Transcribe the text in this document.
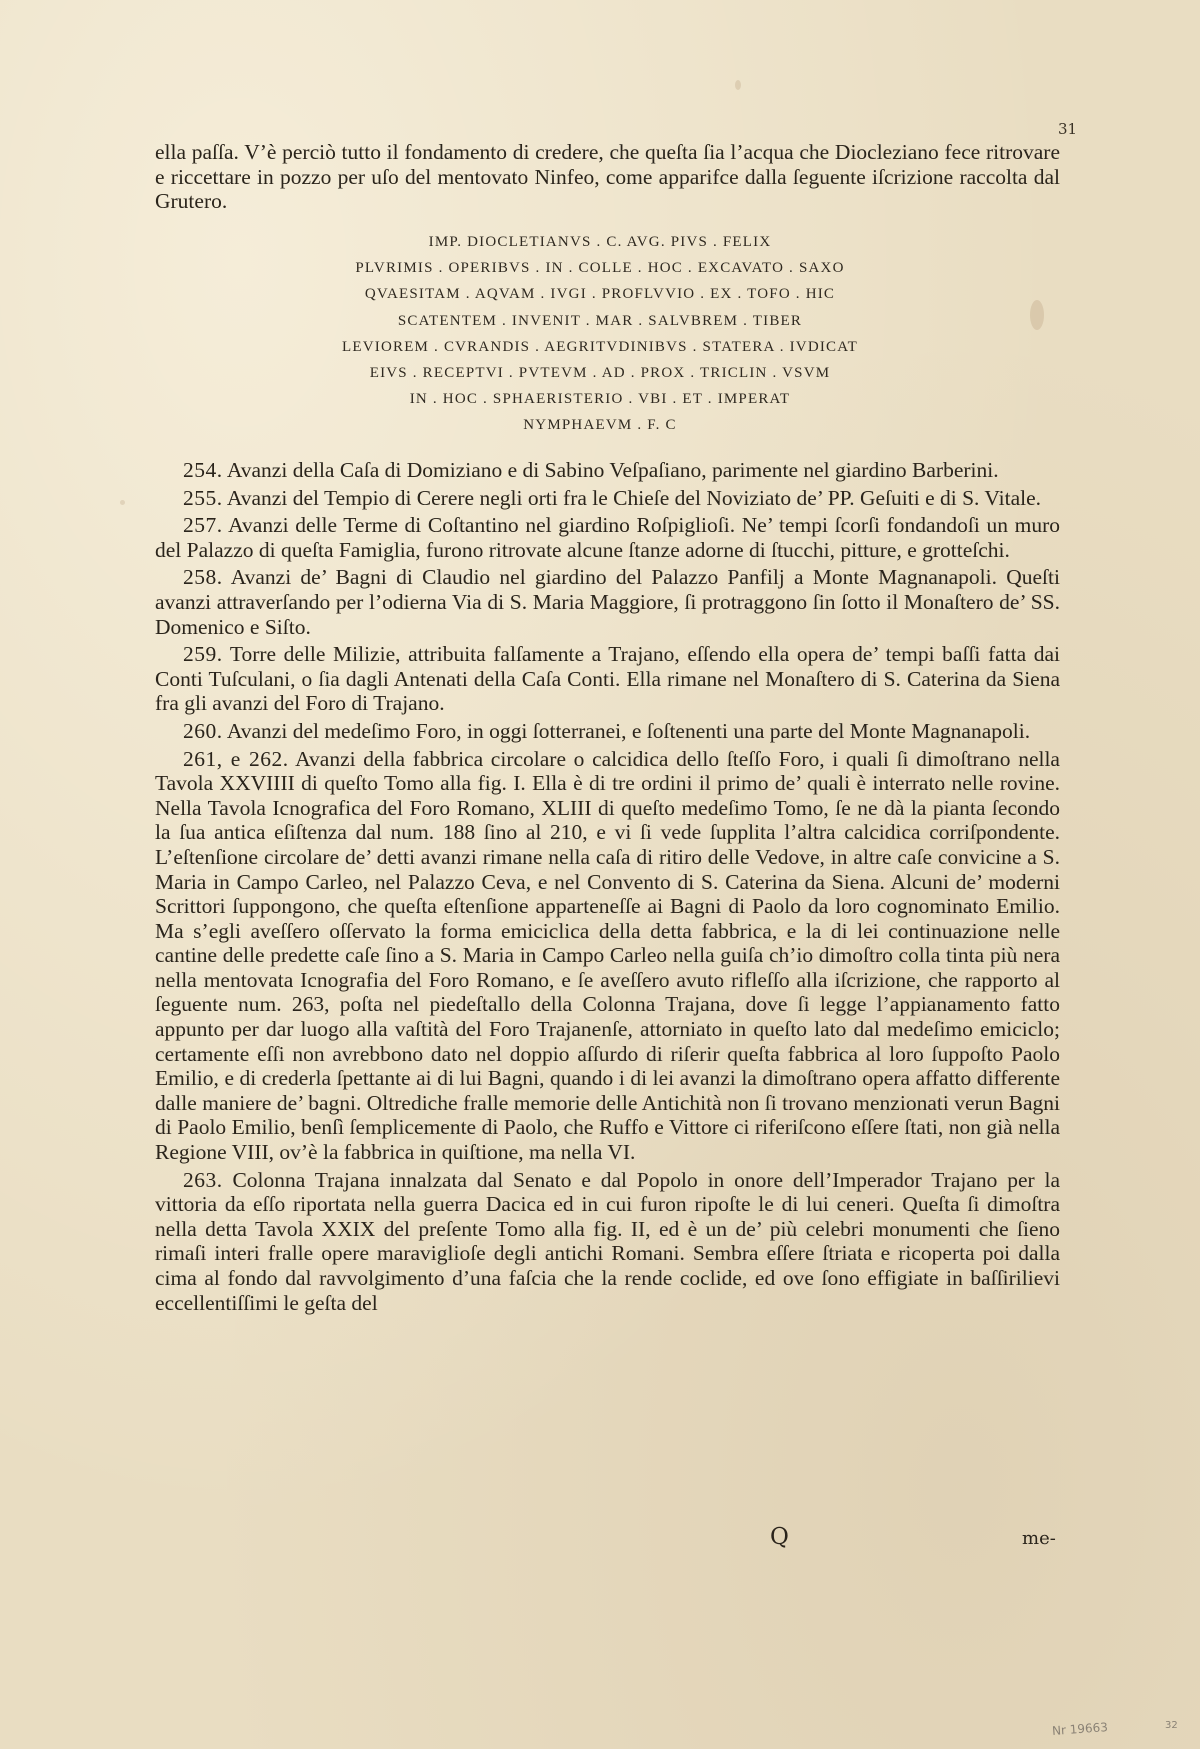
31

ella paſſa. V’è perciò tutto il fondamento di credere, che queſta ſia l’acqua che Diocleziano fece ritrovare e riccettare in pozzo per uſo del mentovato Ninfeo, come apparifce dalla ſeguente iſcrizione raccolta dal Grutero.

IMP. DIOCLETIANVS . C. AVG. PIVS . FELIX
PLVRIMIS . OPERIBVS . IN . COLLE . HOC . EXCAVATO . SAXO
QVAESITAM . AQVAM . IVGI . PROFLVVIO . EX . TOFO . HIC
SCATENTEM . INVENIT . MAR . SALVBREM . TIBER
LEVIOREM . CVRANDIS . AEGRITVDINIBVS . STATERA . IVDICAT
EIVS . RECEPTVI . PVTEVM . AD . PROX . TRICLIN . VSVM
IN . HOC . SPHAERISTERIO . VBI . ET . IMPERAT
NYMPHAEVM . F. C

254. Avanzi della Caſa di Domiziano e di Sabino Veſpaſiano, parimente nel giardino Barberini.

255. Avanzi del Tempio di Cerere negli orti fra le Chieſe del Noviziato de’ PP. Geſuiti e di S. Vitale.

257. Avanzi delle Terme di Coſtantino nel giardino Roſpiglioſi. Ne’ tempi ſcorſi fondandoſi un muro del Palazzo di queſta Famiglia, furono ritrovate alcune ſtanze adorne di ſtucchi, pitture, e grotteſchi.

258. Avanzi de’ Bagni di Claudio nel giardino del Palazzo Panfilj a Monte Magnanapoli. Queſti avanzi attraverſando per l’odierna Via di S. Maria Maggiore, ſi protraggono ſin ſotto il Monaſtero de’ SS. Domenico e Siſto.

259. Torre delle Milizie, attribuita falſamente a Trajano, eſſendo ella opera de’ tempi baſſi fatta dai Conti Tuſculani, o ſia dagli Antenati della Caſa Conti. Ella rimane nel Monaſtero di S. Caterina da Siena fra gli avanzi del Foro di Trajano.

260. Avanzi del medeſimo Foro, in oggi ſotterranei, e ſoſtenenti una parte del Monte Magnanapoli.

261, e 262. Avanzi della fabbrica circolare o calcidica dello ſteſſo Foro, i quali ſi dimoſtrano nella Tavola XXVIIII di queſto Tomo alla fig. I. Ella è di tre ordini il primo de’ quali è interrato nelle rovine. Nella Tavola Icnografica del Foro Romano, XLIII di queſto medeſimo Tomo, ſe ne dà la pianta ſecondo la ſua antica eſiſtenza dal num. 188 ſino al 210, e vi ſi vede ſupplita l’altra calcidica corriſpondente. L’eſtenſione circolare de’ detti avanzi rimane nella caſa di ritiro delle Vedove, in altre caſe convicine a S. Maria in Campo Carleo, nel Palazzo Ceva, e nel Convento di S. Caterina da Siena. Alcuni de’ moderni Scrittori ſuppongono, che queſta eſtenſione apparteneſſe ai Bagni di Paolo da loro cognominato Emilio. Ma s’egli aveſſero oſſervato la forma emiciclica della detta fabbrica, e la di lei continuazione nelle cantine delle predette caſe ſino a S. Maria in Campo Carleo nella guiſa ch’io dimoſtro colla tinta più nera nella mentovata Icnografia del Foro Romano, e ſe aveſſero avuto rifleſſo alla iſcrizione, che rapporto al ſeguente num. 263, poſta nel piedeſtallo della Colonna Trajana, dove ſi legge l’appianamento fatto appunto per dar luogo alla vaſtità del Foro Trajanenſe, attorniato in queſto lato dal medeſimo emiciclo; certamente eſſi non avrebbono dato nel doppio aſſurdo di riſerir queſta fabbrica al loro ſuppoſto Paolo Emilio, e di crederla ſpettante ai di lui Bagni, quando i di lei avanzi la dimoſtrano opera affatto differente dalle maniere de’ bagni. Oltrediche fralle memorie delle Antichità non ſi trovano menzionati verun Bagni di Paolo Emilio, benſì ſemplicemente di Paolo, che Ruffo e Vittore ci riferiſcono eſſere ſtati, non già nella Regione VIII, ov’è la fabbrica in quiſtione, ma nella VI.

263. Colonna Trajana innalzata dal Senato e dal Popolo in onore dell’Imperador Trajano per la vittoria da eſſo riportata nella guerra Dacica ed in cui furon ripoſte le di lui ceneri. Queſta ſi dimoſtra nella detta Tavola XXIX del preſente Tomo alla fig. II, ed è un de’ più celebri monumenti che ſieno rimaſi interi fralle opere maraviglioſe degli antichi Romani. Sembra eſſere ſtriata e ricoperta poi dalla cima al fondo dal ravvolgimento d’una faſcia che la rende coclide, ed ove ſono effigiate in baſſirilievi eccellentiſſimi le geſta del

Q	me-
Nr 19663	32
